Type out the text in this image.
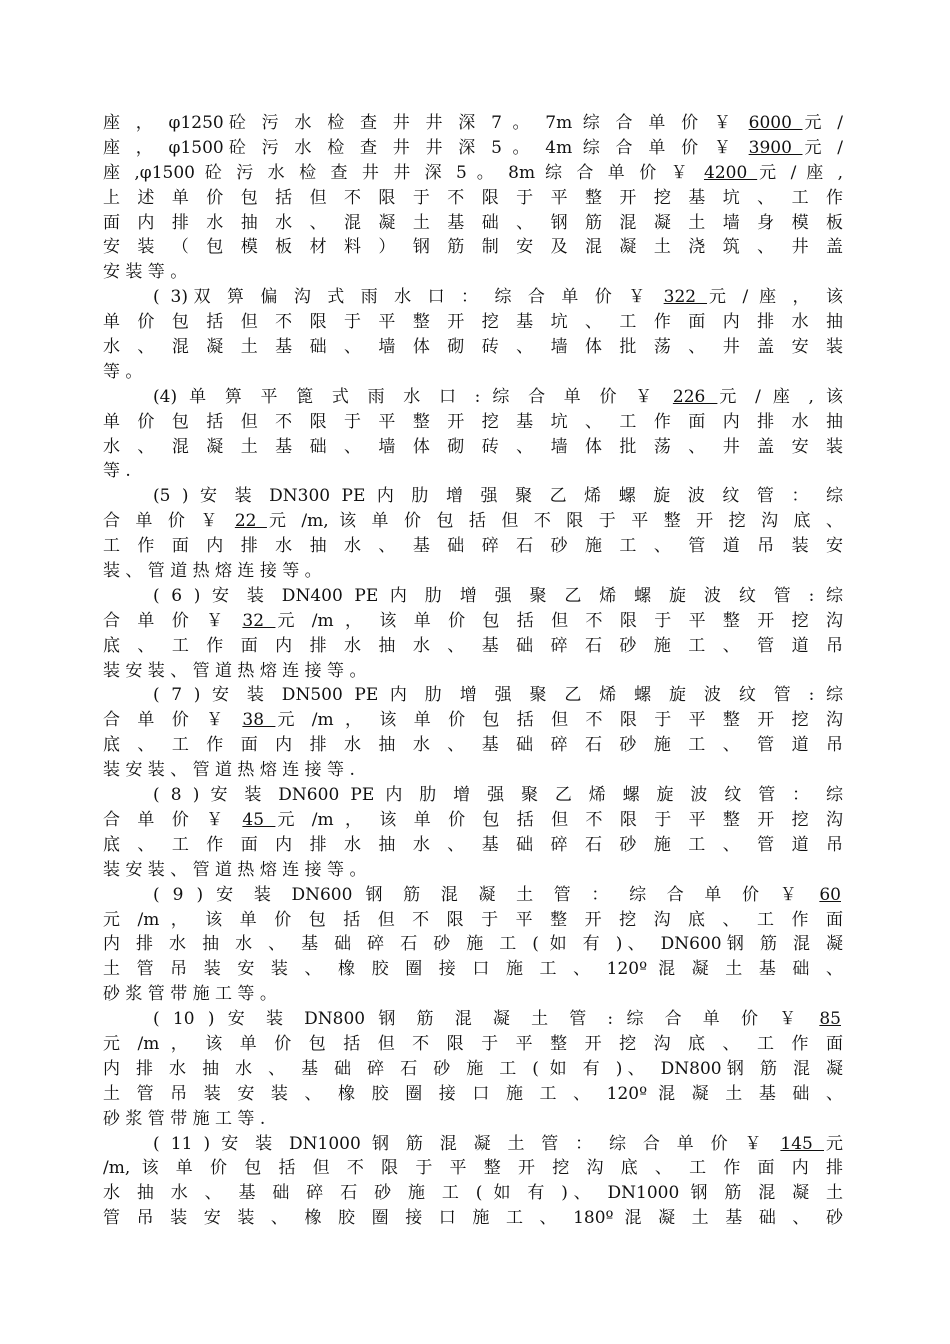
座 ， φ1250砼 污 水 检 查 井 井 深 7 。 7m 综 合 单 价 ￥ 6000 元 /
座 ， φ1500砼 污 水 检 查 井 井 深 5 。 4m 综 合 单 价 ￥ 3900 元 /
座 ,φ1500 砼 污 水 检 查 井 井 深 5 。 8m 综 合 单 价 ￥ 4200 元 / 座 ,
上 述 单 价 包 括 但 不 限 于 不 限 于 平 整 开 挖 基 坑 、 工 作
面 内 排 水 抽 水 、 混 凝 土 基 础 、 钢 筋 混 凝 土 墙 身 模 板
安 装 （ 包 模 板 材 料 ） 钢 筋 制 安 及 混 凝 土 浇 筑 、 井 盖
安 装 等 。
( 3)双 箅 偏 沟 式 雨 水 口 ： 综 合 单 价 ￥ 322 元 / 座 ， 该
单 价 包 括 但 不 限 于 平 整 开 挖 基 坑 、 工 作 面 内 排 水 抽
水 、 混 凝 土 基 础 、 墙 体 砌 砖 、 墙 体 批 荡 、 井 盖 安 装
等 。
(4) 单 箅 平 篦 式 雨 水 口 : 综 合 单 价 ￥ 226 元 / 座 , 该
单 价 包 括 但 不 限 于 平 整 开 挖 基 坑 、 工 作 面 内 排 水 抽
水 、 混 凝 土 基 础 、 墙 体 砌 砖 、 墙 体 批 荡 、 井 盖 安 装
等 .
(5 ) 安 装 DN300 PE 内 肋 增 强 聚 乙 烯 螺 旋 波 纹 管 ： 综
合 单 价 ￥ 22 元 /m, 该 单 价 包 括 但 不 限 于 平 整 开 挖 沟 底 、
工 作 面 内 排 水 抽 水 、 基 础 碎 石 砂 施 工 、 管 道 吊 装 安
装 、 管 道 热 熔 连 接 等 。
( 6 ) 安 装 DN400 PE 内 肋 增 强 聚 乙 烯 螺 旋 波 纹 管 : 综
合 单 价 ￥ 32 元 /m ， 该 单 价 包 括 但 不 限 于 平 整 开 挖 沟
底 、 工 作 面 内 排 水 抽 水 、 基 础 碎 石 砂 施 工 、 管 道 吊
装 安 装 、 管 道 热 熔 连 接 等 。
( 7 ) 安 装 DN500 PE 内 肋 增 强 聚 乙 烯 螺 旋 波 纹 管 : 综
合 单 价 ￥ 38 元 /m ， 该 单 价 包 括 但 不 限 于 平 整 开 挖 沟
底 、 工 作 面 内 排 水 抽 水 、 基 础 碎 石 砂 施 工 、 管 道 吊
装 安 装 、 管 道 热 熔 连 接 等 .
( 8 ) 安 装 DN600 PE 内 肋 增 强 聚 乙 烯 螺 旋 波 纹 管 ： 综
合 单 价 ￥ 45 元 /m ， 该 单 价 包 括 但 不 限 于 平 整 开 挖 沟
底 、 工 作 面 内 排 水 抽 水 、 基 础 碎 石 砂 施 工 、 管 道 吊
装 安 装 、 管 道 热 熔 连 接 等 。
( 9 ) 安 装 DN600 钢 筋 混 凝 土 管 ： 综 合 单 价 ￥ 60
元 /m ， 该 单 价 包 括 但 不 限 于 平 整 开 挖 沟 底 、 工 作 面
内 排 水 抽 水 、 基 础 碎 石 砂 施 工 ( 如 有 )、 DN600钢 筋 混 凝
土 管 吊 装 安 装 、 橡 胶 圈 接 口 施 工 、 120º 混 凝 土 基 础 、
砂 浆 管 带 施 工 等 。
( 10 ) 安 装 DN800 钢 筋 混 凝 土 管 : 综 合 单 价 ￥ 85
元 /m ， 该 单 价 包 括 但 不 限 于 平 整 开 挖 沟 底 、 工 作 面
内 排 水 抽 水 、 基 础 碎 石 砂 施 工 ( 如 有 )、 DN800钢 筋 混 凝
土 管 吊 装 安 装 、 橡 胶 圈 接 口 施 工 、 120º 混 凝 土 基 础 、
砂 浆 管 带 施 工 等 .
( 11 ) 安 装 DN1000 钢 筋 混 凝 土 管 ： 综 合 单 价 ￥ 145 元
/m, 该 单 价 包 括 但 不 限 于 平 整 开 挖 沟 底 、 工 作 面 内 排
水 抽 水 、 基 础 碎 石 砂 施 工 ( 如 有 )、 DN1000 钢 筋 混 凝 土
管 吊 装 安 装 、 橡 胶 圈 接 口 施 工 、 180º 混 凝 土 基 础 、 砂
